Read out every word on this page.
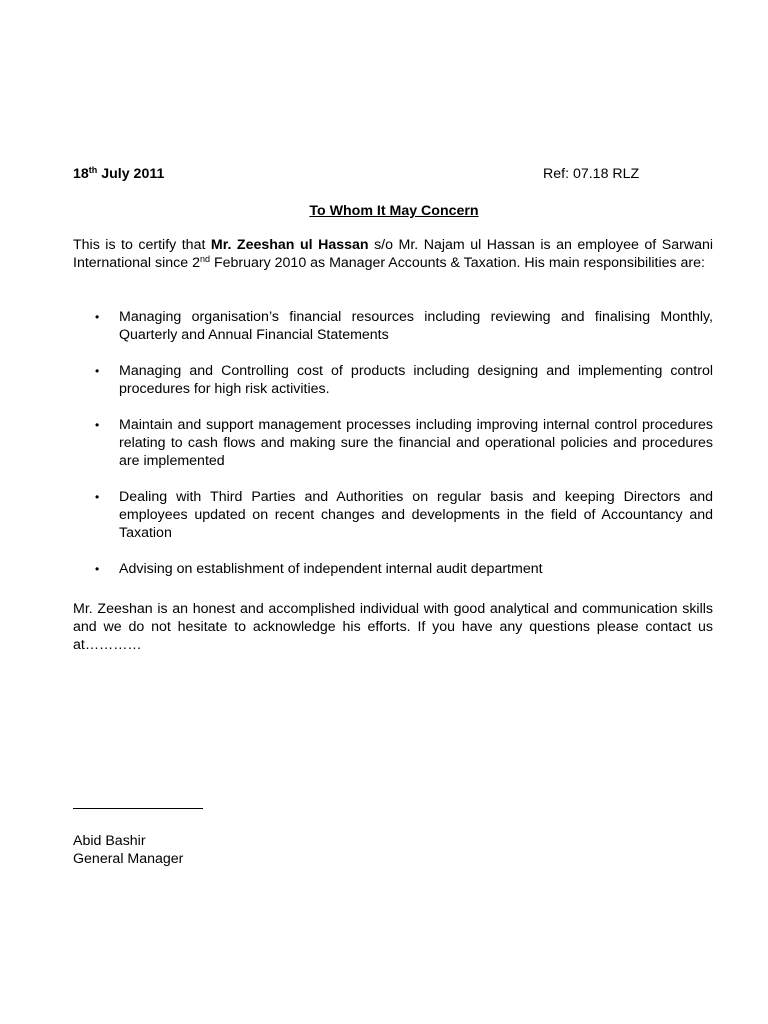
18th July 2011	Ref: 07.18 RLZ
To Whom It May Concern
This is to certify that Mr. Zeeshan ul Hassan s/o Mr. Najam ul Hassan is an employee of Sarwani International since 2nd February 2010 as Manager Accounts & Taxation. His main responsibilities are:
• Managing organisation’s financial resources including reviewing and finalising Monthly, Quarterly and Annual Financial Statements
• Managing and Controlling cost of products including designing and implementing control procedures for high risk activities.
• Maintain and support management processes including improving internal control procedures relating to cash flows and making sure the financial and operational policies and procedures are implemented
• Dealing with Third Parties and Authorities on regular basis and keeping Directors and employees updated on recent changes and developments in the field of Accountancy and Taxation
• Advising on establishment of independent internal audit department
Mr. Zeeshan is an honest and accomplished individual with good analytical and communication skills and we do not hesitate to acknowledge his efforts. If you have any questions please contact us at…………
Abid Bashir
General Manager
